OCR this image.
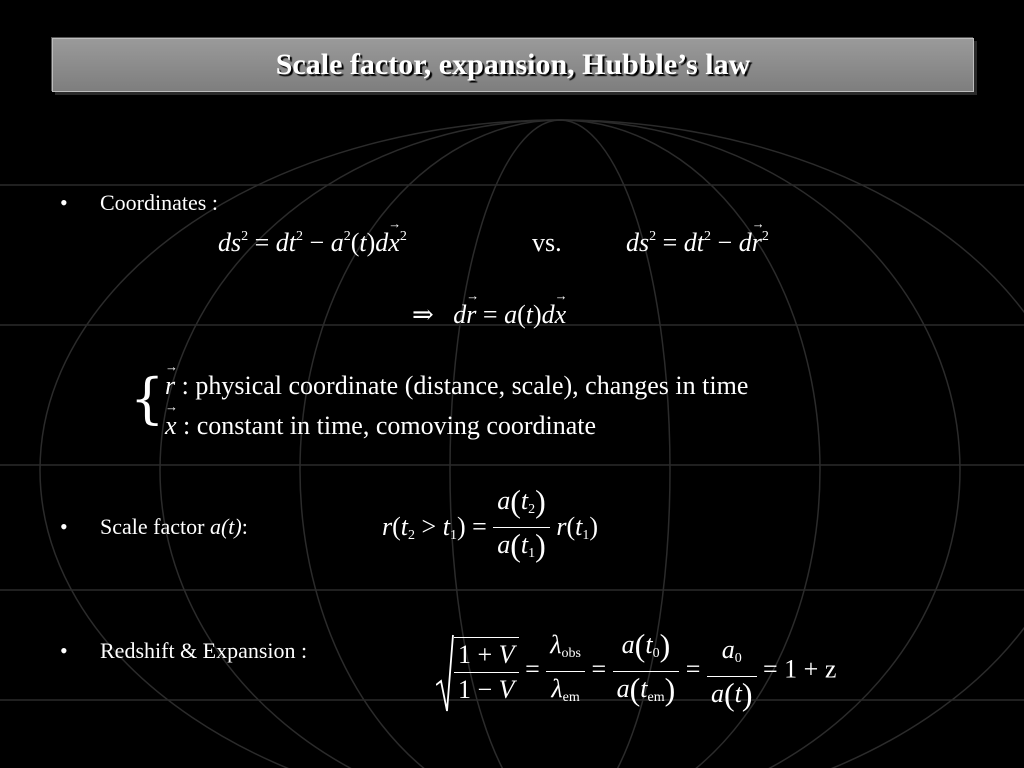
Scale factor, expansion, Hubble’s law
• Coordinates :
$ds^2 = dt^2 - a^2(t)d\to x^2$	vs. $ds^2 = dt^2 - d\to r^2$
⇒ d→ r = a(t)d→ x
{
→ r : physical coordinate (distance, scale), changes in time
→ x : constant in time, comoving coordinate
• Scale factor a(t):	$r(t_2 > t_1) = \frac{a(t_2)}{a(t_1)} r(t_1)$
• Redshift & Expansion :	$\frac{1 + V}{1 - V} = \frac{\lambda_{obs}}{\lambda_{em}} = \frac{a(t_0)}{a(t_{em})} = \frac{a_0}{a(t)} = 1 + z$
